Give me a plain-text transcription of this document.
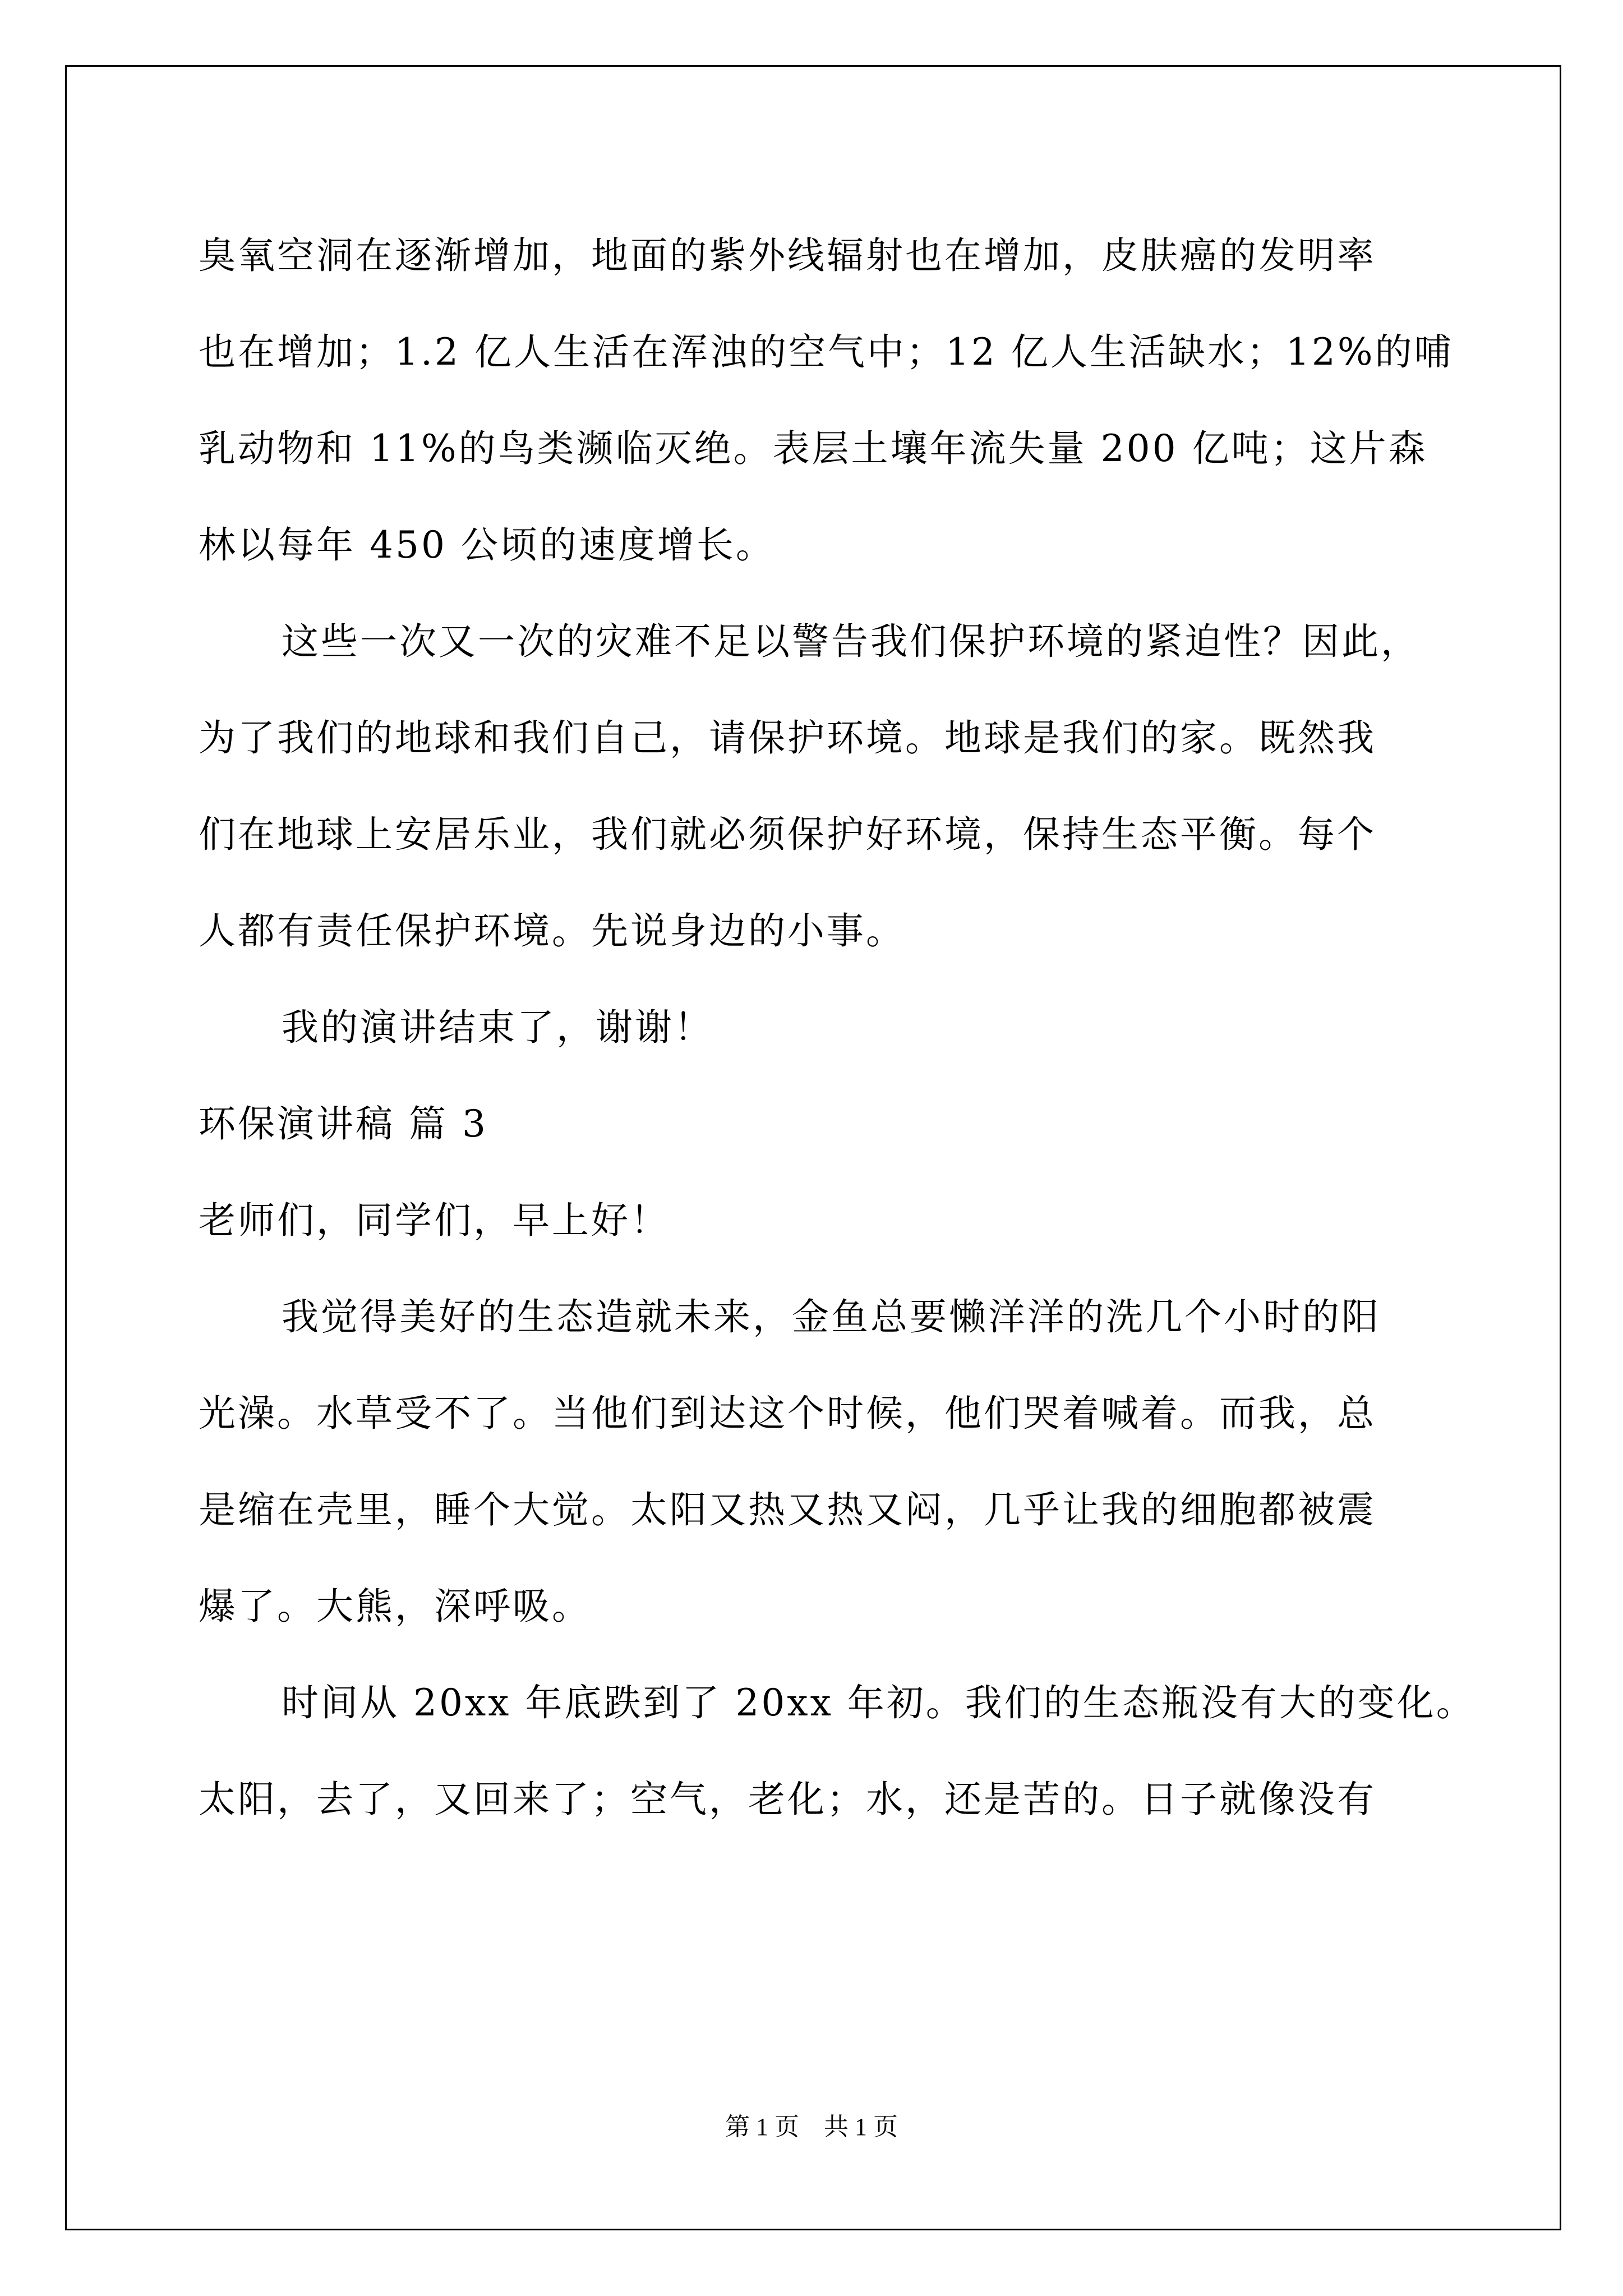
臭氧空洞在逐渐增加，地面的紫外线辐射也在增加，皮肤癌的发明率
也在增加；1.2 亿人生活在浑浊的空气中；12 亿人生活缺水；12%的哺
乳动物和 11%的鸟类濒临灭绝。表层土壤年流失量 200 亿吨；这片森
林以每年 450 公顷的速度增长。
这些一次又一次的灾难不足以警告我们保护环境的紧迫性？因此，
为了我们的地球和我们自己，请保护环境。地球是我们的家。既然我
们在地球上安居乐业，我们就必须保护好环境，保持生态平衡。每个
人都有责任保护环境。先说身边的小事。
我的演讲结束了，谢谢！
环保演讲稿 篇 3
老师们，同学们，早上好！
我觉得美好的生态造就未来，金鱼总要懒洋洋的洗几个小时的阳
光澡。水草受不了。当他们到达这个时候，他们哭着喊着。而我，总
是缩在壳里，睡个大觉。太阳又热又热又闷，几乎让我的细胞都被震
爆了。大熊，深呼吸。
时间从 20xx 年底跌到了 20xx 年初。我们的生态瓶没有大的变化。
太阳，去了，又回来了；空气，老化；水，还是苦的。日子就像没有
第 1 页　共 1 页
